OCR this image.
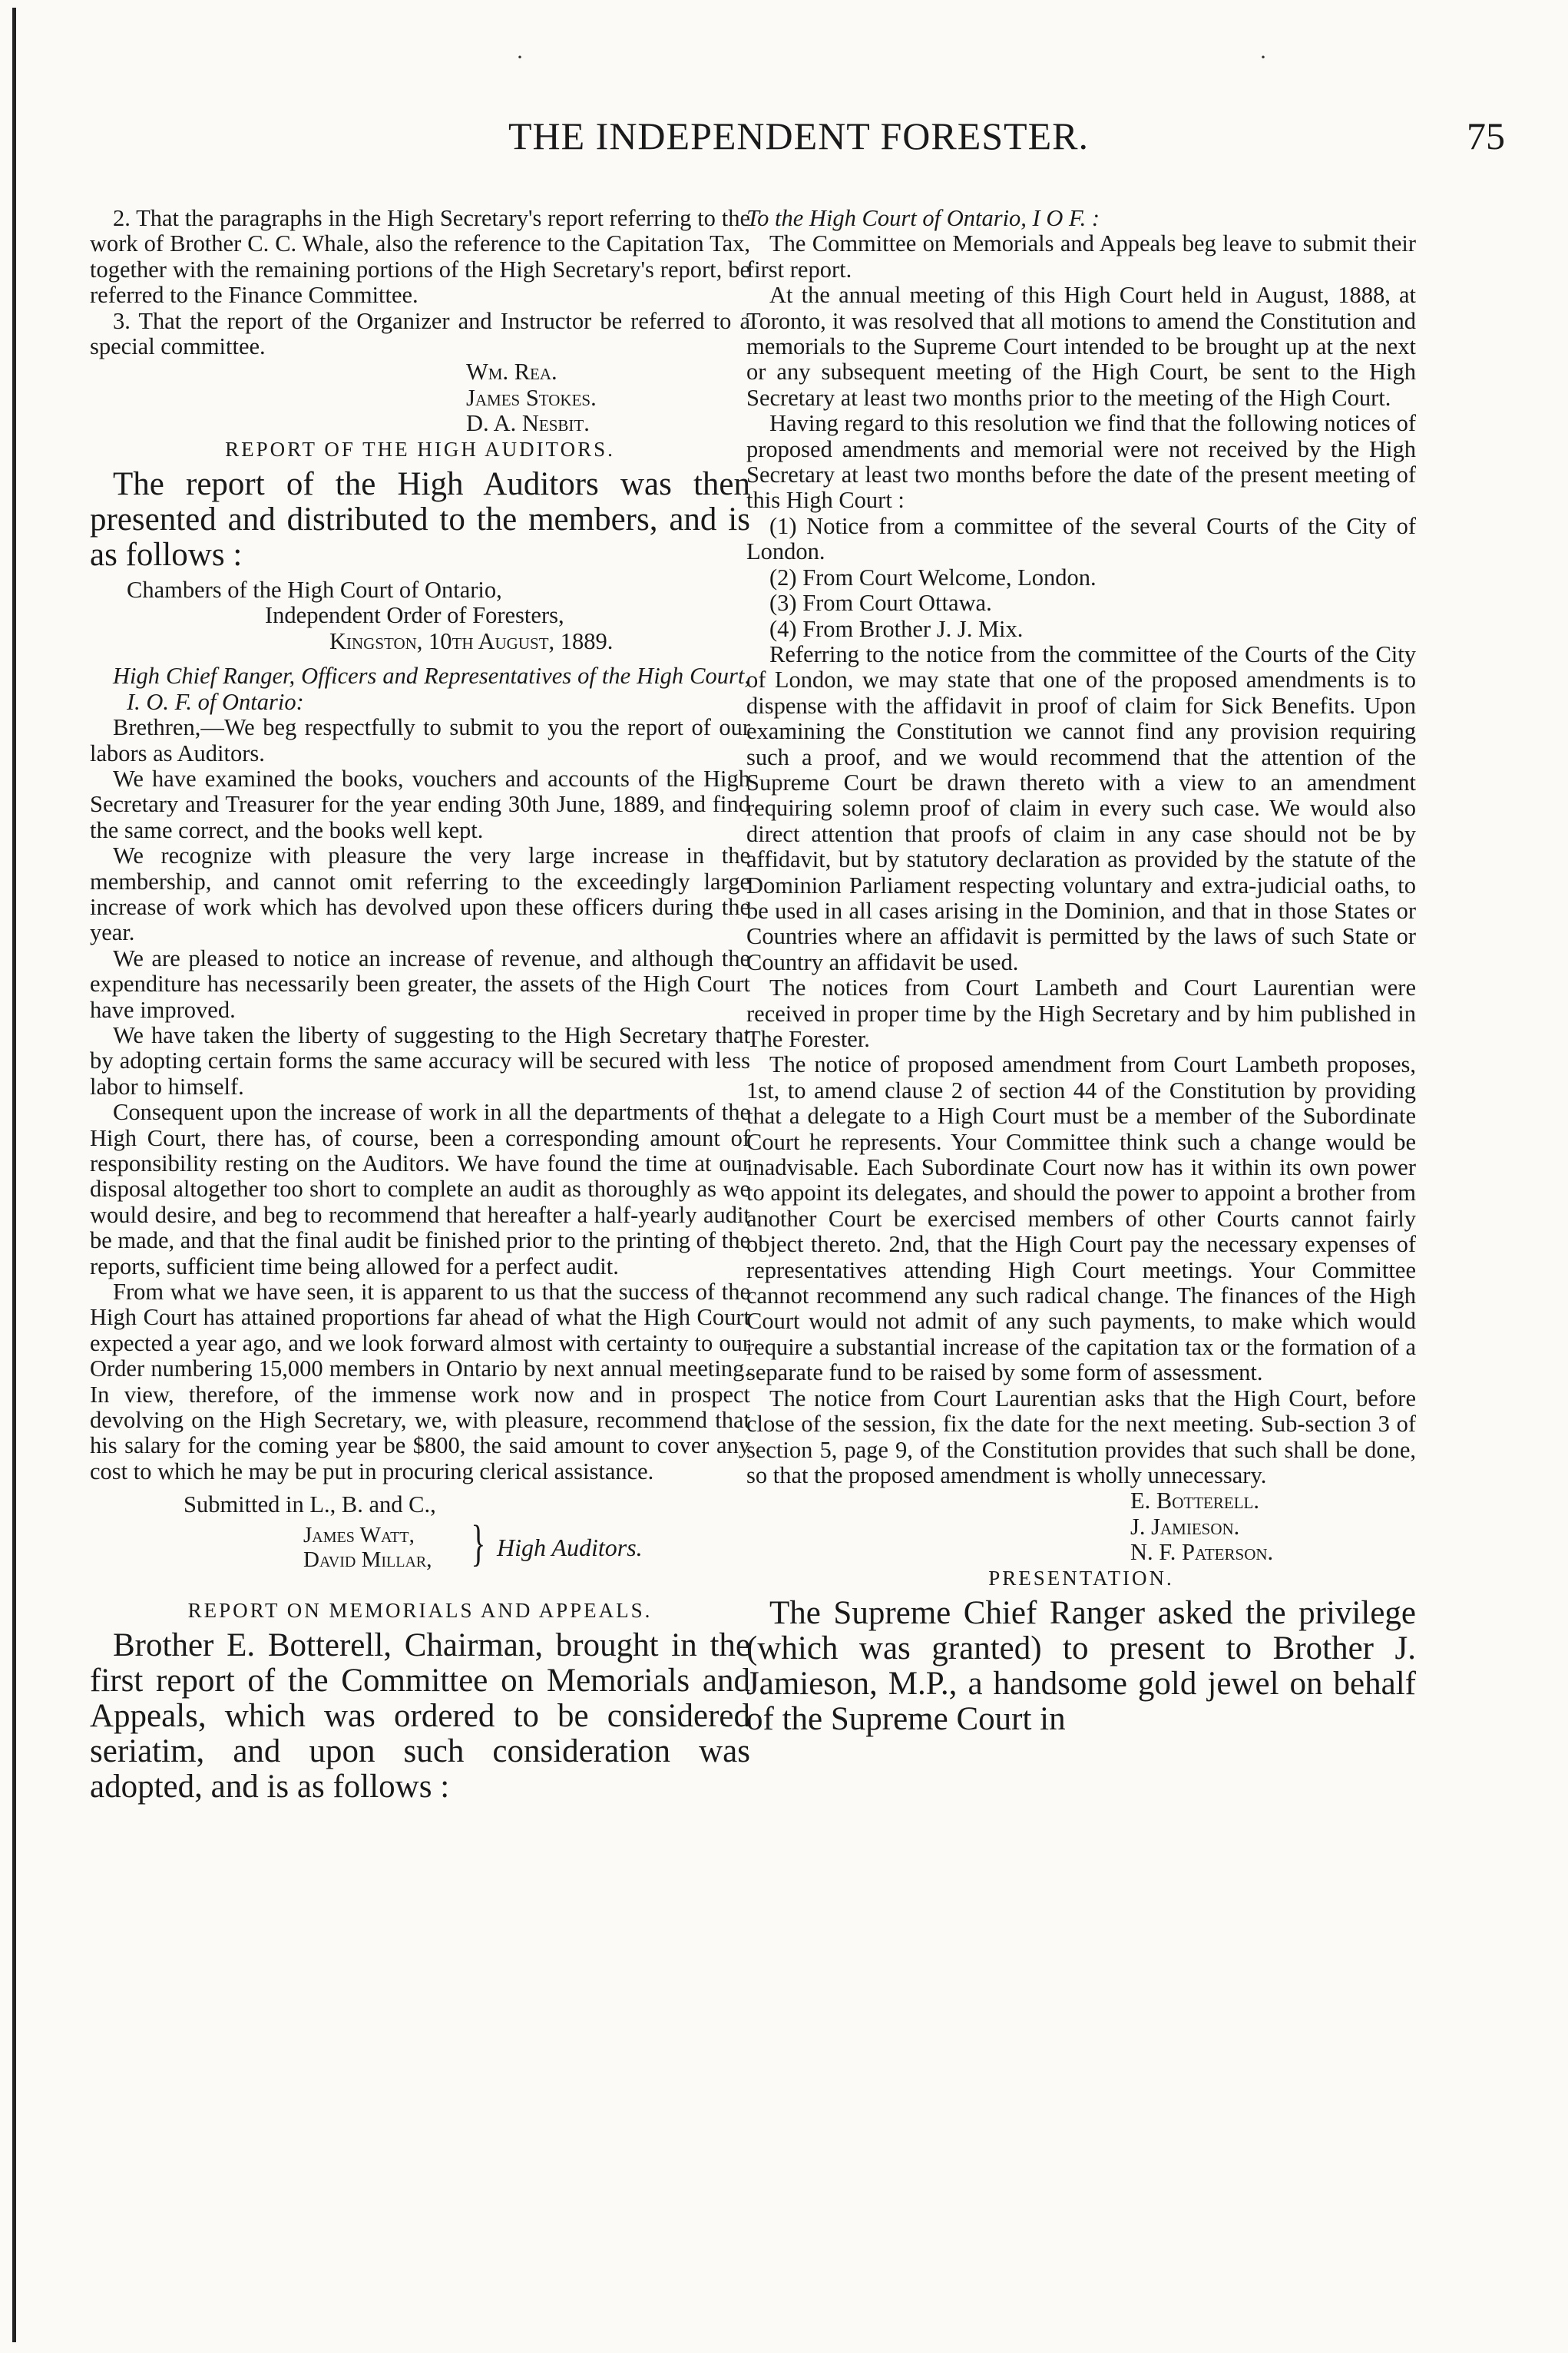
·	·
THE INDEPENDENT FORESTER.	75

2. That the paragraphs in the High Secretary's report referring to the work of Brother C. C. Whale, also the reference to the Capitation Tax, together with the remaining portions of the High Secretary's report, be referred to the Finance Committee.

3. That the report of the Organizer and Instructor be referred to a special committee.

Wm. Rea.

James Stokes.

D. A. Nesbit.

REPORT OF THE HIGH AUDITORS.

The report of the High Auditors was then presented and distributed to the members, and is as follows :

Chambers of the High Court of Ontario,

Independent Order of Foresters,

Kingston, 10th August, 1889.

High Chief Ranger, Officers and Representatives of the High Court, I. O. F. of Ontario:

Brethren,—We beg respectfully to submit to you the report of our labors as Auditors.

We have examined the books, vouchers and accounts of the High Secretary and Treasurer for the year ending 30th June, 1889, and find the same correct, and the books well kept.

We recognize with pleasure the very large increase in the membership, and cannot omit referring to the exceedingly large increase of work which has devolved upon these officers during the year.

We are pleased to notice an increase of revenue, and although the expenditure has necessarily been greater, the assets of the High Court have improved.

We have taken the liberty of suggesting to the High Secretary that by adopting certain forms the same accuracy will be secured with less labor to himself.

Consequent upon the increase of work in all the departments of the High Court, there has, of course, been a corresponding amount of responsibility resting on the Auditors. We have found the time at our disposal altogether too short to complete an audit as thoroughly as we would desire, and beg to recommend that hereafter a half-yearly audit be made, and that the final audit be finished prior to the printing of the reports, sufficient time being allowed for a perfect audit.

From what we have seen, it is apparent to us that the success of the High Court has attained proportions far ahead of what the High Court expected a year ago, and we look forward almost with certainty to our Order numbering 15,000 members in Ontario by next annual meeting. In view, therefore, of the immense work now and in prospect devolving on the High Secretary, we, with pleasure, recommend that his salary for the coming year be $800, the said amount to cover any cost to which he may be put in procuring clerical assistance.

Submitted in L., B. and C.,

James Watt,
David Millar, } High Auditors.

REPORT ON MEMORIALS AND APPEALS.

Brother E. Botterell, Chairman, brought in the first report of the Committee on Memorials and Appeals, which was ordered to be considered seriatim, and upon such consideration was adopted, and is as follows :

To the High Court of Ontario, I O F. :

The Committee on Memorials and Appeals beg leave to submit their first report.

At the annual meeting of this High Court held in August, 1888, at Toronto, it was resolved that all motions to amend the Constitution and memorials to the Supreme Court intended to be brought up at the next or any subsequent meeting of the High Court, be sent to the High Secretary at least two months prior to the meeting of the High Court.

Having regard to this resolution we find that the following notices of proposed amendments and memorial were not received by the High Secretary at least two months before the date of the present meeting of this High Court :

(1) Notice from a committee of the several Courts of the City of London.

(2) From Court Welcome, London.

(3) From Court Ottawa.

(4) From Brother J. J. Mix.

Referring to the notice from the committee of the Courts of the City of London, we may state that one of the proposed amendments is to dispense with the affidavit in proof of claim for Sick Benefits. Upon examining the Constitution we cannot find any provision requiring such a proof, and we would recommend that the attention of the Supreme Court be drawn thereto with a view to an amendment requiring solemn proof of claim in every such case. We would also direct attention that proofs of claim in any case should not be by affidavit, but by statutory declaration as provided by the statute of the Dominion Parliament respecting voluntary and extra-judicial oaths, to be used in all cases arising in the Dominion, and that in those States or Countries where an affidavit is permitted by the laws of such State or Country an affidavit be used.

The notices from Court Lambeth and Court Laurentian were received in proper time by the High Secretary and by him published in The Forester.

The notice of proposed amendment from Court Lambeth proposes, 1st, to amend clause 2 of section 44 of the Constitution by providing that a delegate to a High Court must be a member of the Subordinate Court he represents. Your Committee think such a change would be inadvisable. Each Subordinate Court now has it within its own power to appoint its delegates, and should the power to appoint a brother from another Court be exercised members of other Courts cannot fairly object thereto. 2nd, that the High Court pay the necessary expenses of representatives attending High Court meetings. Your Committee cannot recommend any such radical change. The finances of the High Court would not admit of any such payments, to make which would require a substantial increase of the capitation tax or the formation of a separate fund to be raised by some form of assessment.

The notice from Court Laurentian asks that the High Court, before close of the session, fix the date for the next meeting. Sub-section 3 of section 5, page 9, of the Constitution provides that such shall be done, so that the proposed amendment is wholly unnecessary.

E. Botterell.

J. Jamieson.

N. F. Paterson.

PRESENTATION.

The Supreme Chief Ranger asked the privilege (which was granted) to present to Brother J. Jamieson, M.P., a handsome gold jewel on behalf of the Supreme Court in
